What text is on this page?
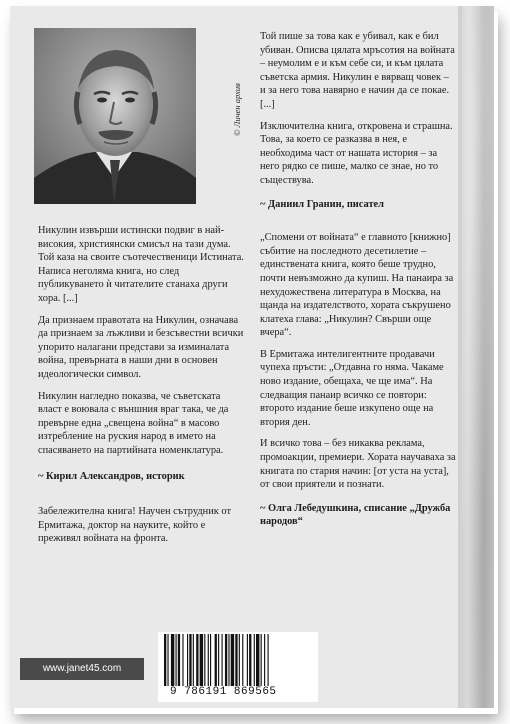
© Личен архив

Никулин извърши истински подвиг в най-високия, християнски смисъл на тази дума. Той каза на своите съотечественици Истината. Написа неголяма книга, но след публикуването ѝ читателите станаха други хора. [...]

Да признаем правотата на Никулин, означава да признаем за лъжливи и безсъвестни всички упорито налагани представи за изминалата война, превърната в наши дни в основен идеологически символ.

Никулин нагледно показва, че съветската власт е воювала с външния враг така, че да превърне една „свещена война“ в масово изтребление на руския народ в името на спасяването на партийната номенклатура.

~ Кирил Александров, историк

Забележителна книга! Научен сътрудник от Ермитажа, доктор на науките, който е преживял войната на фронта.

Той пише за това как е убивал, как е бил убиван. Описва цялата мръсотия на войната – неумолим е и към себе си, и към цялата съветска армия. Никулин е вярващ човек – и за него това навярно е начин да се покае. [...]

Изключителна книга, откровена и страшна. Това, за което се разказва в нея, е необходима част от нашата история – за него рядко се пише, малко се знае, но то съществува.

~ Даниил Гранин, писател

„Спомени от войната“ е главното [книжно] събитие на последното десетилетие – единствената книга, която беше трудно, почти невъзможно да купиш. На панаира за нехудожествена литература в Москва, на щанда на издателството, хората съкрушено клатеха глава: „Никулин? Свърши още вчера“.

В Ермитажа интелигентните продавачи чупеха пръсти: „Отдавна го няма. Чакаме ново издание, обещаха, че ще има“. На следващия панаир всичко се повтори: второто издание беше изкупено още на втория ден.

И всичко това – без никаква реклама, промоакции, премиери. Хората научаваха за книгата по стария начин: [от уста на уста], от свои приятели и познати.

~ Олга Лебедушкина, списание „Дружба народов“

9 786191 869565
www.janet45.com
